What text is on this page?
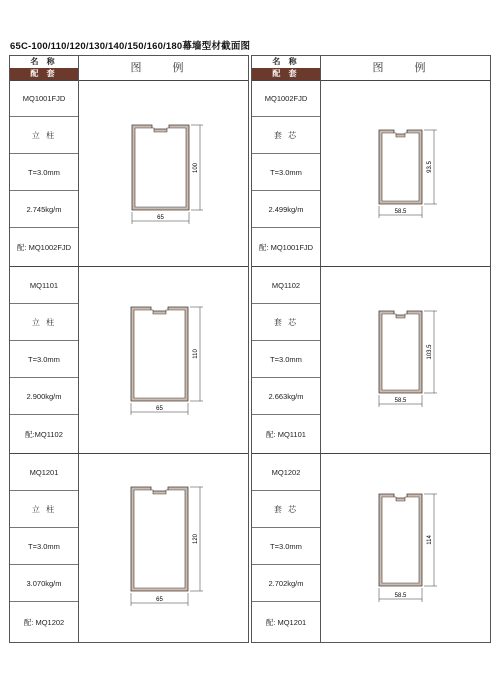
65C-100/110/120/130/140/150/160/180幕墙型材截面图
名 称
配 套	图 例
MQ1001FJD
立 柱
T=3.0mm
2.745kg/m
配: MQ1002FJD
65
100
MQ1101
立 柱
T=3.0mm
2.900kg/m
配:MQ1102
65
110
MQ1201
立 柱
T=3.0mm
3.070kg/m
配: MQ1202
65
120
名 称
配 套	图 例
MQ1002FJD
套 芯
T=3.0mm
2.499kg/m
配: MQ1001FJD
58.5
93.5
MQ1102
套 芯
T=3.0mm
2.663kg/m
配: MQ1101
58.5
103.5
MQ1202
套 芯
T=3.0mm
2.702kg/m
配: MQ1201
58.5
114
